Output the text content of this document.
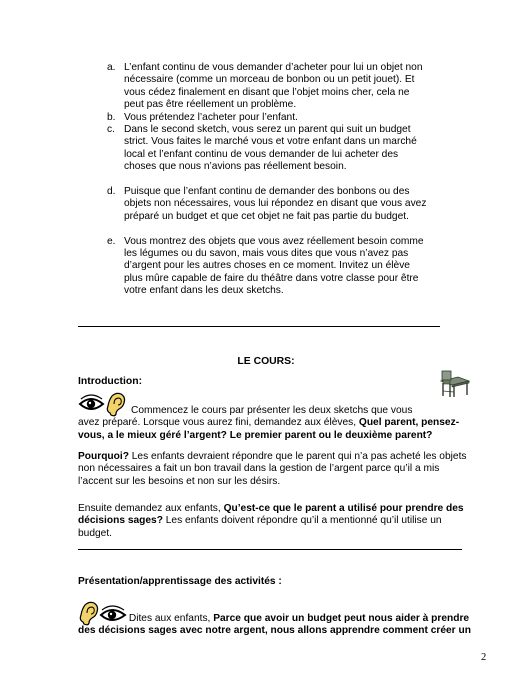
a. L’enfant continu de vous demander d’acheter pour lui un objet non
nécessaire (comme un morceau de bonbon ou un petit jouet). Et
vous cédez finalement en disant que l’objet moins cher, cela ne
peut pas être réellement un problème.
b. Vous prétendez l’acheter pour l’enfant.
c. Dans le second sketch, vous serez un parent qui suit un budget
strict. Vous faites le marché vous et votre enfant dans un marché
local et l’enfant continu de vous demander de lui acheter des
choses que nous n’avions pas réellement besoin.
d. Puisque que l’enfant continu de demander des bonbons ou des
objets non nécessaires, vous lui répondez en disant que vous avez
préparé un budget et que cet objet ne fait pas partie du budget.
e. Vous montrez des objets que vous avez réellement besoin comme
les légumes ou du savon, mais vous dites que vous n’avez pas
d’argent pour les autres choses en ce moment. Invitez un élève
plus mûre capable de faire du théâtre dans votre classe pour être
votre enfant dans les deux sketchs.
LE COURS:
Introduction:
Commencez le cours par présenter les deux sketchs que vous
avez préparé. Lorsque vous aurez fini, demandez aux élèves, Quel parent, pensez-
vous, a le mieux géré l’argent? Le premier parent ou le deuxième parent?
Pourquoi? Les enfants devraient répondre que le parent qui n’a pas acheté les objets
non nécessaires a fait un bon travail dans la gestion de l’argent parce qu’il a mis
l’accent sur les besoins et non sur les désirs.
Ensuite demandez aux enfants, Qu’est-ce que le parent a utilisé pour prendre des
décisions sages? Les enfants doivent répondre qu’il a mentionné qu’il utilise un
budget.
Présentation/apprentissage des activités :
Dites aux enfants, Parce que avoir un budget peut nous aider à prendre
des décisions sages avec notre argent, nous allons apprendre comment créer un
2
